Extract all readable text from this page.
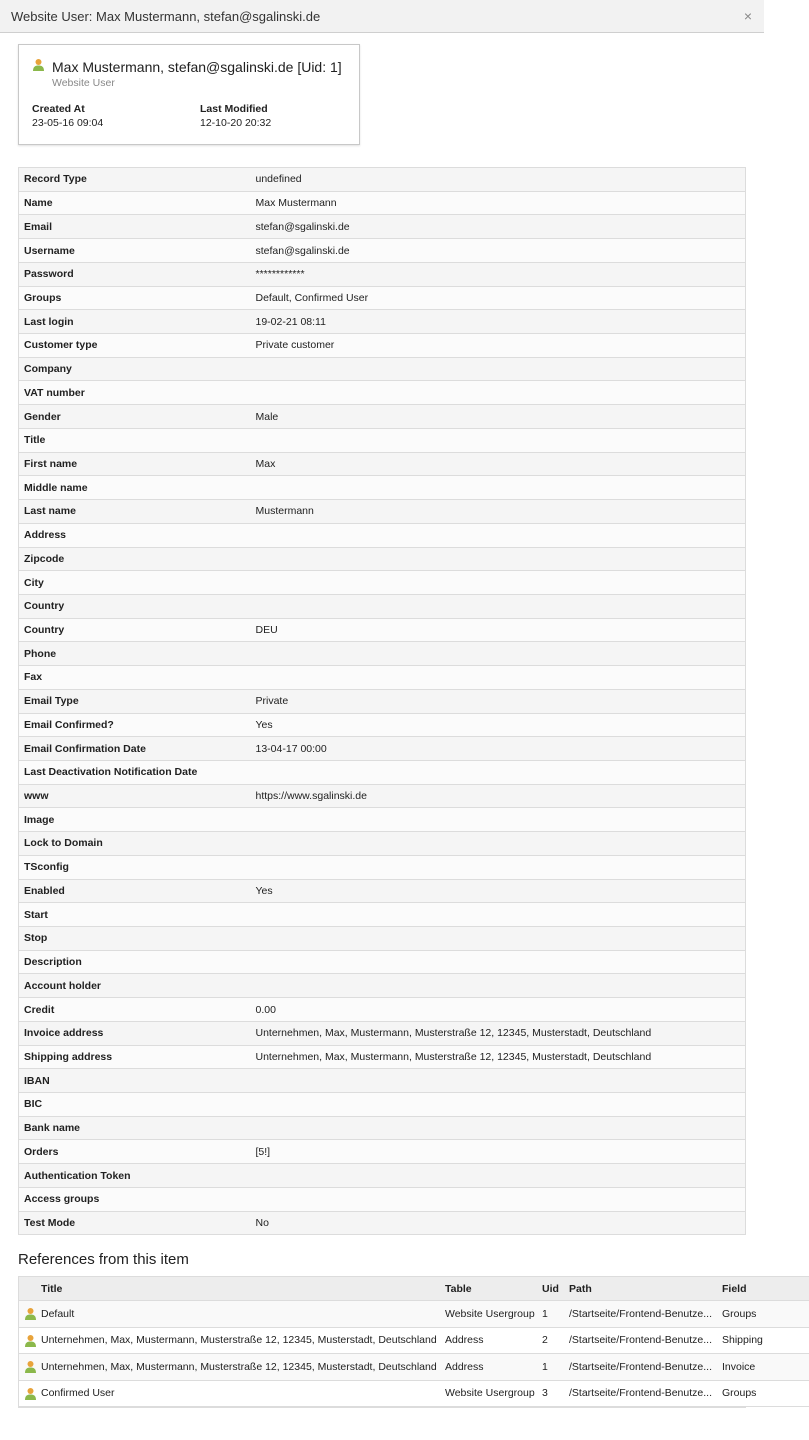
Website User: Max Mustermann, stefan@sgalinski.de	×
Max Mustermann, stefan@sgalinski.de [Uid: 1]
Website User
Created At
23-05-16 09:04
Last Modified
12-10-20 20:32
Record Type	undefined
Name	Max Mustermann
Email	stefan@sgalinski.de
Username	stefan@sgalinski.de
Password	************
Groups	Default, Confirmed User
Last login	19-02-21 08:11
Customer type	Private customer
Company	
VAT number	
Gender	Male
Title	
First name	Max
Middle name	
Last name	Mustermann
Address	
Zipcode	
City	
Country	
Country	DEU
Phone	
Fax	
Email Type	Private
Email Confirmed?	Yes
Email Confirmation Date	13-04-17 00:00
Last Deactivation Notification Date	
www	https://www.sgalinski.de
Image	
Lock to Domain	
TSconfig	
Enabled	Yes
Start	
Stop	
Description	
Account holder	
Credit	0.00
Invoice address	Unternehmen, Max, Mustermann, Musterstraße 12, 12345, Musterstadt, Deutschland
Shipping address	Unternehmen, Max, Mustermann, Musterstraße 12, 12345, Musterstadt, Deutschland
IBAN	
BIC	
Bank name	
Orders	[5!]
Authentication Token	
Access groups	
Test Mode	No
References from this item
	Title	Table	Uid	Path	Field
	Default	Website Usergroup	1	/Startseite/Frontend-Benutze...	Groups
	Unternehmen, Max, Mustermann, Musterstraße 12, 12345, Musterstadt, Deutschland	Address	2	/Startseite/Frontend-Benutze...	Shipping
	Unternehmen, Max, Mustermann, Musterstraße 12, 12345, Musterstadt, Deutschland	Address	1	/Startseite/Frontend-Benutze...	Invoice
	Confirmed User	Website Usergroup	3	/Startseite/Frontend-Benutze...	Groups
